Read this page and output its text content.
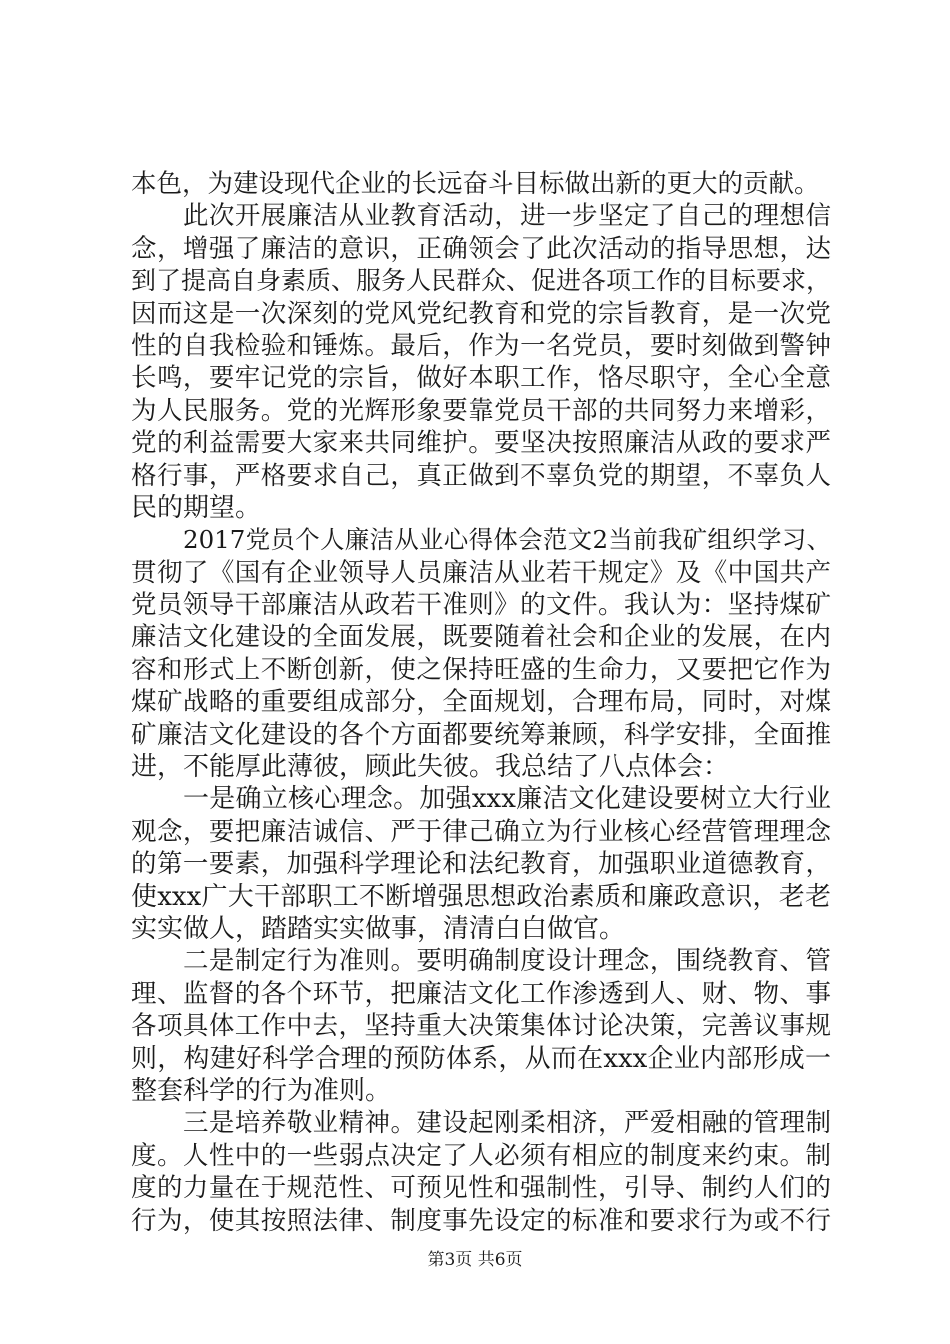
本色，为建设现代企业的长远奋斗目标做出新的更大的贡献。
此次开展廉洁从业教育活动，进一步坚定了自己的理想信
念，增强了廉洁的意识，正确领会了此次活动的指导思想，达
到了提高自身素质、服务人民群众、促进各项工作的目标要求，
因而这是一次深刻的党风党纪教育和党的宗旨教育，是一次党
性的自我检验和锤炼。最后，作为一名党员，要时刻做到警钟
长鸣，要牢记党的宗旨，做好本职工作，恪尽职守，全心全意
为人民服务。党的光辉形象要靠党员干部的共同努力来增彩，
党的利益需要大家来共同维护。要坚决按照廉洁从政的要求严
格行事，严格要求自己，真正做到不辜负党的期望，不辜负人
民的期望。
2017党员个人廉洁从业心得体会范文2当前我矿组织学习、
贯彻了《国有企业领导人员廉洁从业若干规定》及《中国共产
党员领导干部廉洁从政若干准则》的文件。我认为：坚持煤矿
廉洁文化建设的全面发展，既要随着社会和企业的发展，在内
容和形式上不断创新，使之保持旺盛的生命力，又要把它作为
煤矿战略的重要组成部分，全面规划，合理布局，同时，对煤
矿廉洁文化建设的各个方面都要统筹兼顾，科学安排，全面推
进，不能厚此薄彼，顾此失彼。我总结了八点体会：
一是确立核心理念。加强xxx廉洁文化建设要树立大行业
观念，要把廉洁诚信、严于律己确立为行业核心经营管理理念
的第一要素，加强科学理论和法纪教育，加强职业道德教育，
使xxx广大干部职工不断增强思想政治素质和廉政意识，老老
实实做人，踏踏实实做事，清清白白做官。
二是制定行为准则。要明确制度设计理念，围绕教育、管
理、监督的各个环节，把廉洁文化工作渗透到人、财、物、事
各项具体工作中去，坚持重大决策集体讨论决策，完善议事规
则，构建好科学合理的预防体系，从而在xxx企业内部形成一
整套科学的行为准则。
三是培养敬业精神。建设起刚柔相济，严爱相融的管理制
度。人性中的一些弱点决定了人必须有相应的制度来约束。制
度的力量在于规范性、可预见性和强制性，引导、制约人们的
行为，使其按照法律、制度事先设定的标准和要求行为或不行
第3页 共6页
